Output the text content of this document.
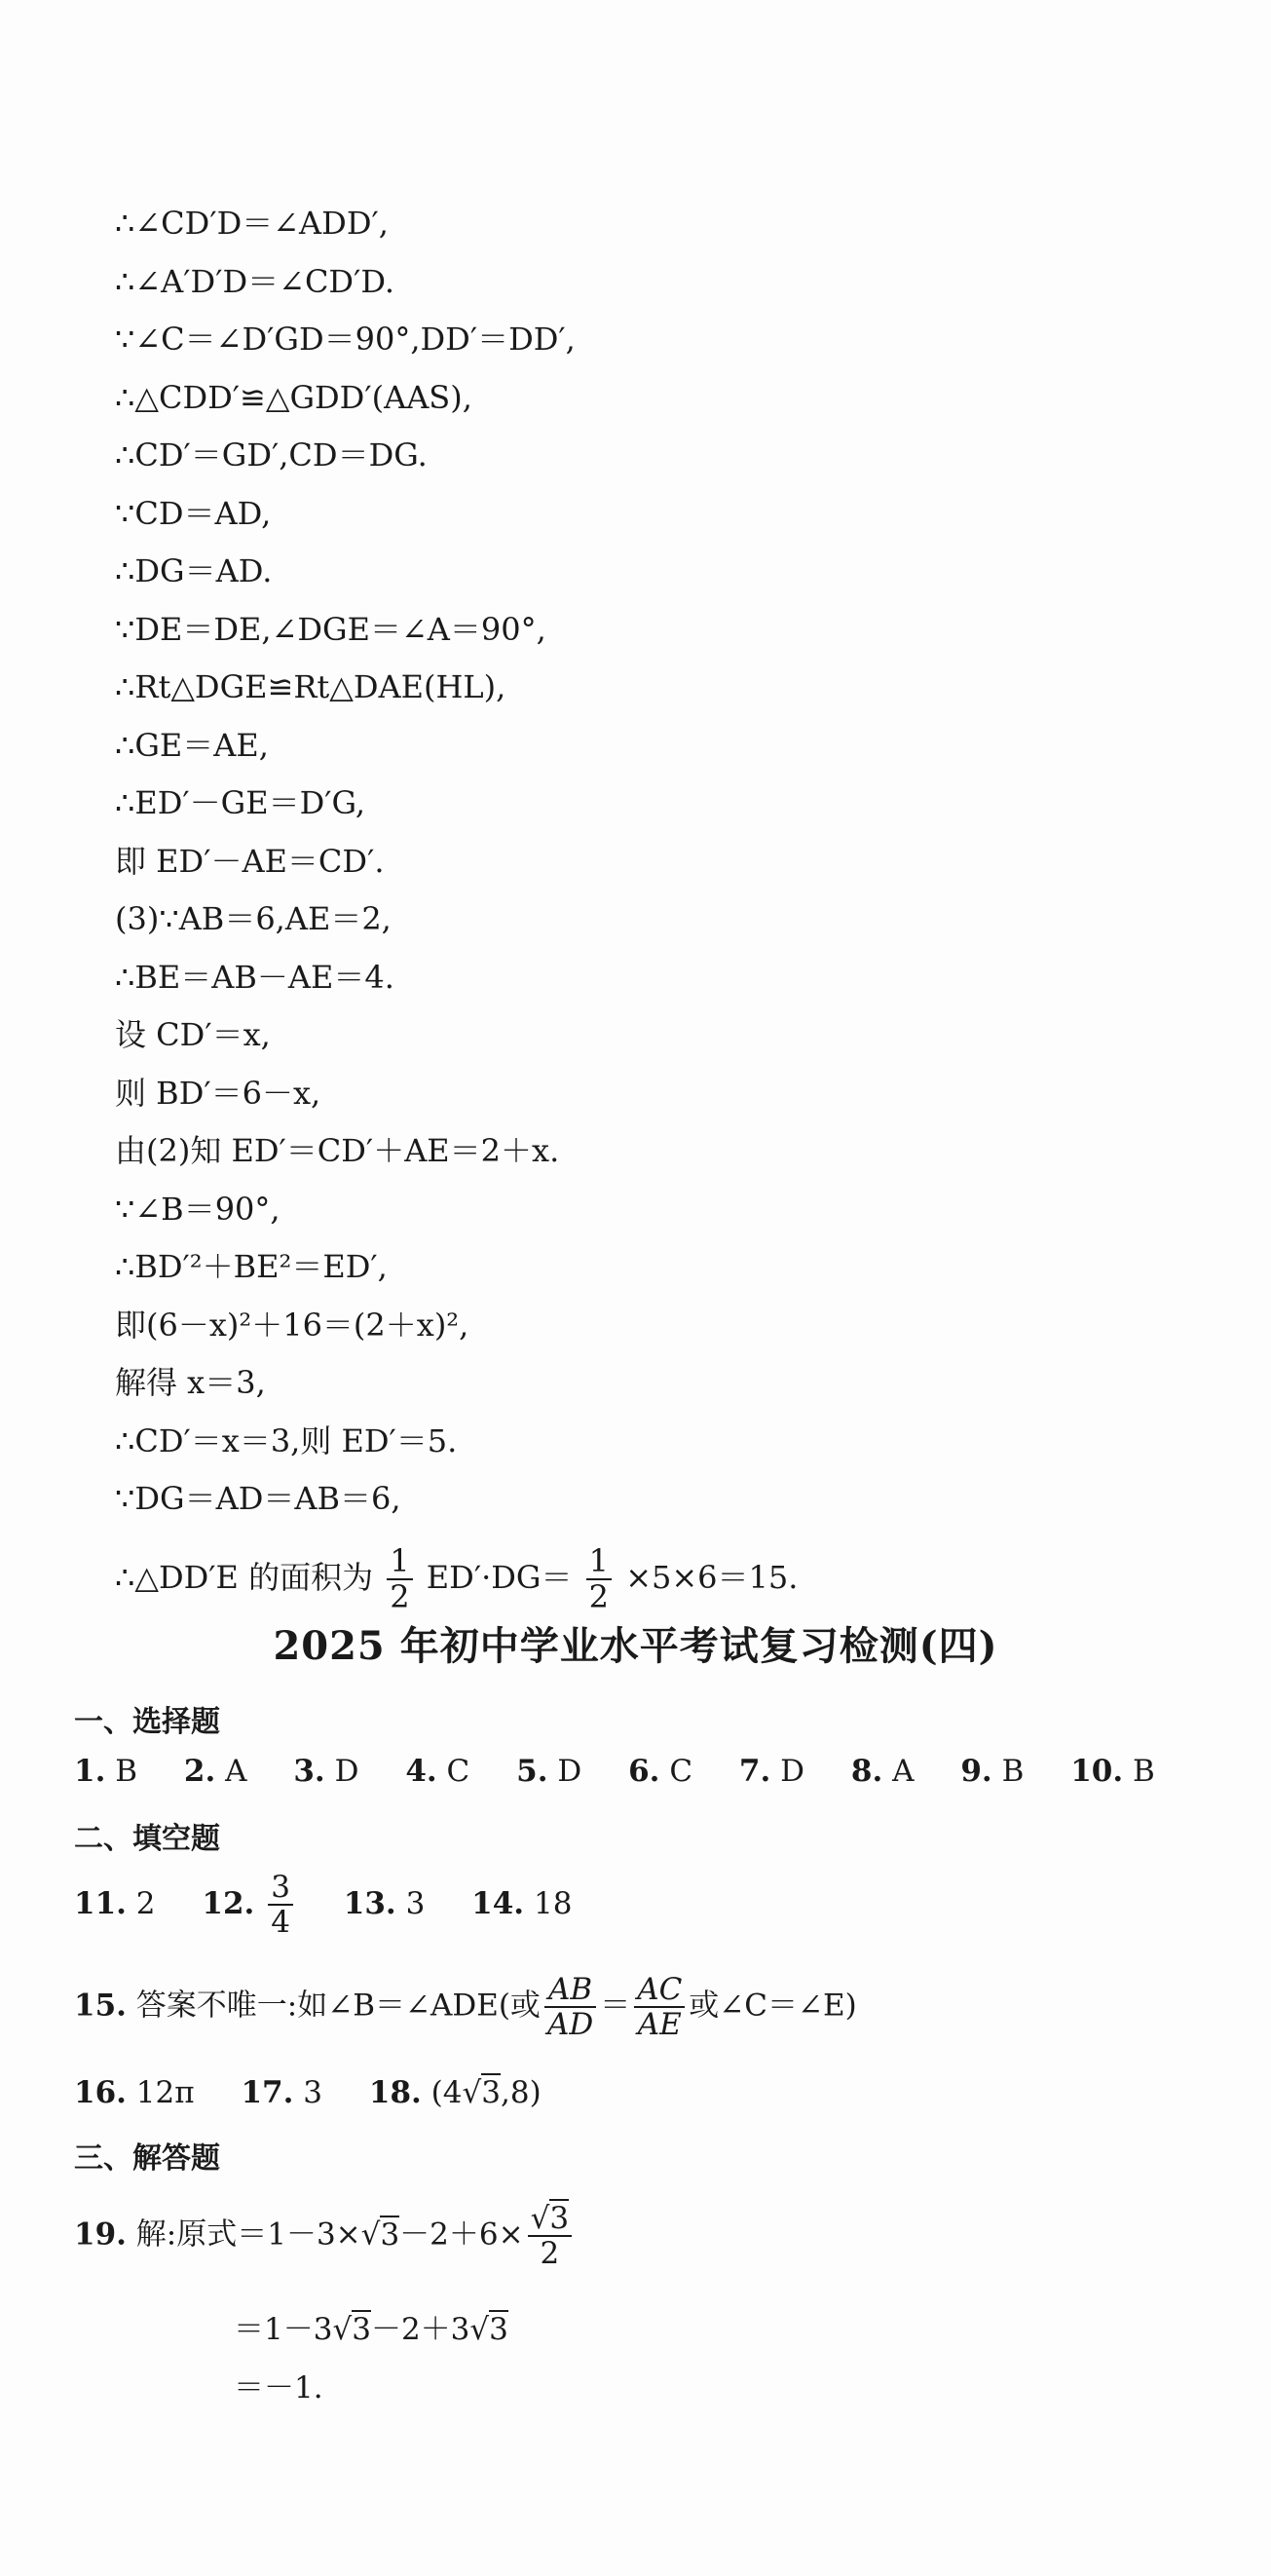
∴∠CD′D＝∠ADD′,
∴∠A′D′D＝∠CD′D.
∵∠C＝∠D′GD＝90°,DD′＝DD′,
∴△CDD′≌△GDD′(AAS),
∴CD′＝GD′,CD＝DG.
∵CD＝AD,
∴DG＝AD.
∵DE＝DE,∠DGE＝∠A＝90°,
∴Rt△DGE≌Rt△DAE(HL),
∴GE＝AE,
∴ED′－GE＝D′G,
即 ED′－AE＝CD′.
(3)∵AB＝6,AE＝2,
∴BE＝AB－AE＝4.
设 CD′＝x,
则 BD′＝6－x,
由(2)知 ED′＝CD′＋AE＝2＋x.
∵∠B＝90°,
∴BD′²＋BE²＝ED′,
即(6－x)²＋16＝(2＋x)²,
解得 x＝3,
∴CD′＝x＝3,则 ED′＝5.
∵DG＝AD＝AB＝6,
∴△DD′E 的面积为 $\frac{1}{2} ED'\cdot DG= \frac{1}{2} \times 5\times 6=15$.
2025 年初中学业水平考试复习检测(四)
一、选择题
1. B 2. A 3. D 4. C 5. D 6. C 7. D 8. A 9. B 10. B
二、填空题
11. 2 12. $\frac{3}{4} 13$. 3 14. 18
15. 答案不唯一:如∠B＝∠ADE(或 $\frac{AB}{AD} = \frac{AC}{AE}$ 或∠C＝∠E)
16. 12π 17. 3 18. (4√3,8)
三、解答题
19. 解:原式$=1-3\times√3-2+6\times \frac{√3}{2}$
＝1－3√3－2＋3√3
＝－1.
